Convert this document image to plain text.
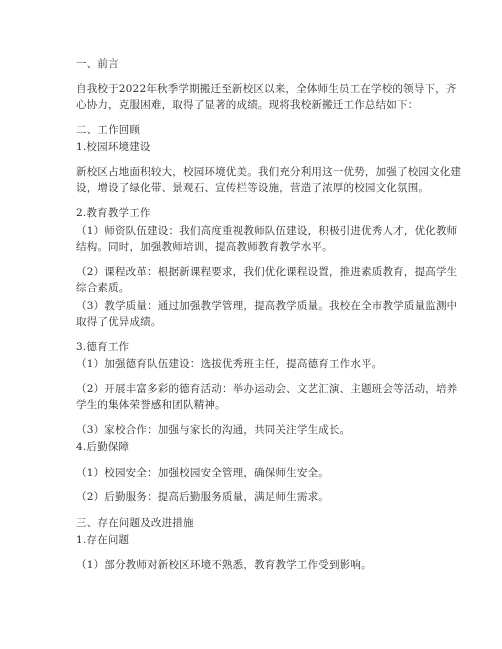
一、前言

自我校于2022年秋季学期搬迁至新校区以来，全体师生员工在学校的领导下，齐

心协力，克服困难，取得了显著的成绩。现将我校新搬迁工作总结如下：

二、工作回顾

1.校园环境建设

新校区占地面积较大，校园环境优美。我们充分利用这一优势，加强了校园文化建

设，增设了绿化带、景观石、宣传栏等设施，营造了浓厚的校园文化氛围。

2.教育教学工作

（1）师资队伍建设：我们高度重视教师队伍建设，积极引进优秀人才，优化教师

结构。同时，加强教师培训，提高教师教育教学水平。

（2）课程改革：根据新课程要求，我们优化课程设置，推进素质教育，提高学生

综合素质。

（3）教学质量：通过加强教学管理，提高教学质量。我校在全市教学质量监测中

取得了优异成绩。

3.德育工作

（1）加强德育队伍建设：选拔优秀班主任，提高德育工作水平。

（2）开展丰富多彩的德育活动：举办运动会、文艺汇演、主题班会等活动，培养

学生的集体荣誉感和团队精神。

（3）家校合作：加强与家长的沟通，共同关注学生成长。

4.后勤保障

（1）校园安全：加强校园安全管理，确保师生安全。

（2）后勤服务：提高后勤服务质量，满足师生需求。

三、存在问题及改进措施

1.存在问题

（1）部分教师对新校区环境不熟悉，教育教学工作受到影响。
